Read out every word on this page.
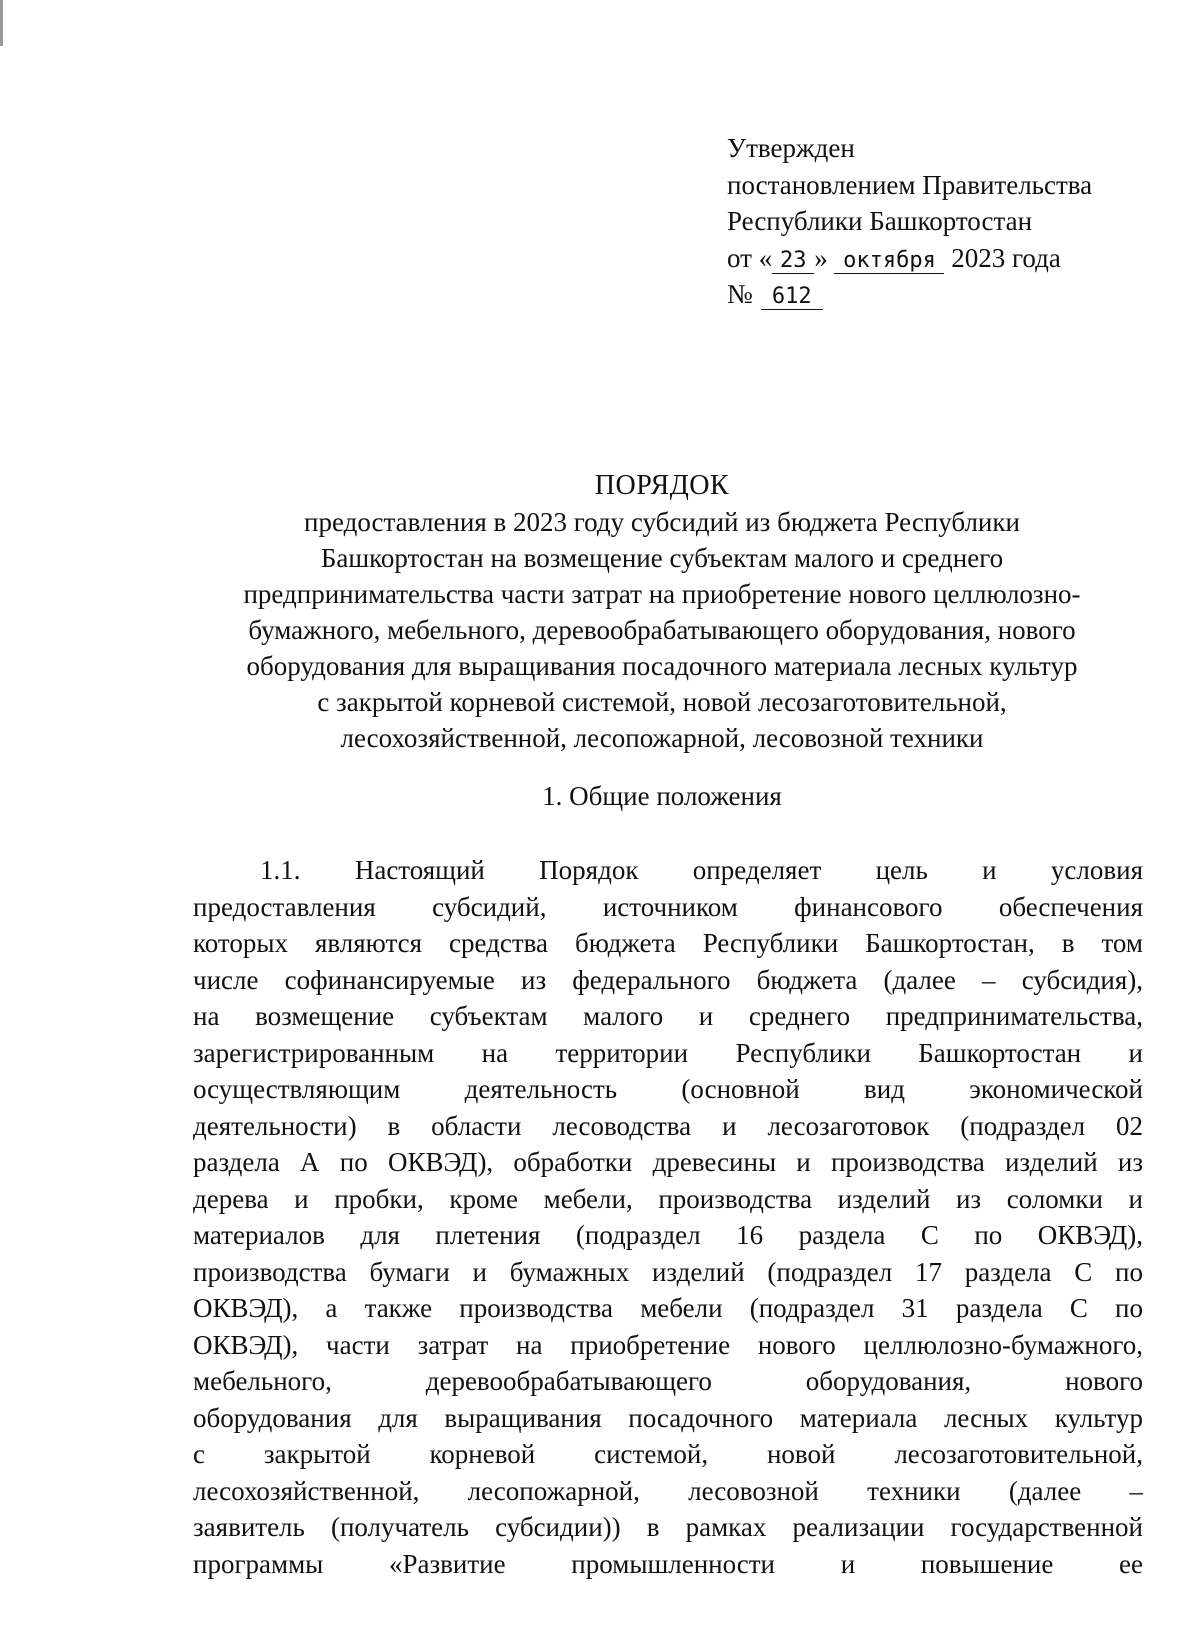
Утвержден
постановлением Правительства
Республики Башкортостан
от « 23 » октября 2023 года
№ 612
ПОРЯДОК
предоставления в 2023 году субсидий из бюджета Республики
Башкортостан на возмещение субъектам малого и среднего
предпринимательства части затрат на приобретение нового целлюлозно-
бумажного, мебельного, деревообрабатывающего оборудования, нового
оборудования для выращивания посадочного материала лесных культур
с закрытой корневой системой, новой лесозаготовительной,
лесохозяйственной, лесопожарной, лесовозной техники
1. Общие положения
1.1. Настоящий Порядок определяет цель и условия
предоставления субсидий, источником финансового обеспечения
которых являются средства бюджета Республики Башкортостан, в том
числе софинансируемые из федерального бюджета (далее – субсидия),
на возмещение субъектам малого и среднего предпринимательства,
зарегистрированным на территории Республики Башкортостан и
осуществляющим деятельность (основной вид экономической
деятельности) в области лесоводства и лесозаготовок (подраздел 02
раздела А по ОКВЭД), обработки древесины и производства изделий из
дерева и пробки, кроме мебели, производства изделий из соломки и
материалов для плетения (подраздел 16 раздела С по ОКВЭД),
производства бумаги и бумажных изделий (подраздел 17 раздела С по
ОКВЭД), а также производства мебели (подраздел 31 раздела С по
ОКВЭД), части затрат на приобретение нового целлюлозно-бумажного,
мебельного, деревообрабатывающего оборудования, нового
оборудования для выращивания посадочного материала лесных культур
с закрытой корневой системой, новой лесозаготовительной,
лесохозяйственной, лесопожарной, лесовозной техники (далее –
заявитель (получатель субсидии)) в рамках реализации государственной
программы «Развитие промышленности и повышение ее
